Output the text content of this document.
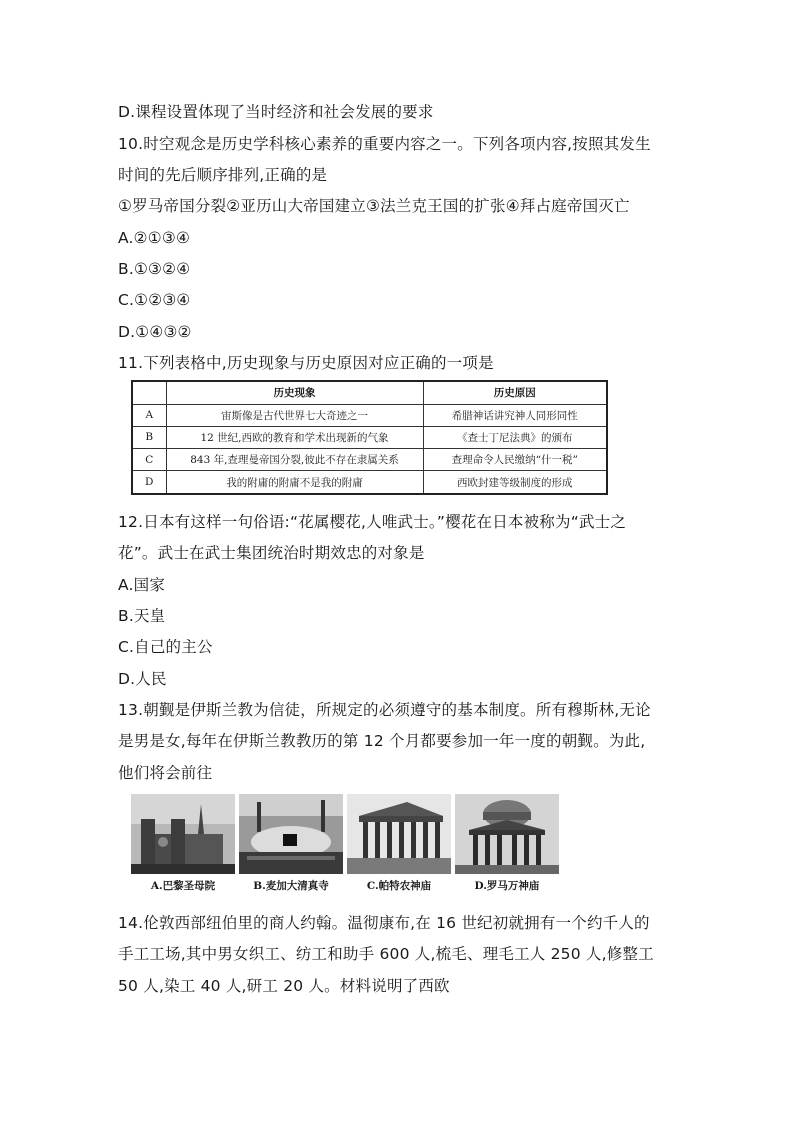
D.课程设置体现了当时经济和社会发展的要求
10.时空观念是历史学科核心素养的重要内容之一。下列各项内容,按照其发生
时间的先后顺序排列,正确的是
①罗马帝国分裂②亚历山大帝国建立③法兰克王国的扩张④拜占庭帝国灭亡
A.②①③④
B.①③②④
C.①②③④
D.①④③②
11.下列表格中,历史现象与历史原因对应正确的一项是
	历史现象	历史原因
A	宙斯像是古代世界七大奇迹之一	希腊神话讲究神人同形同性
B	12 世纪,西欧的教育和学术出现新的气象	《查士丁尼法典》的颁布
C	843 年,查理曼帝国分裂,彼此不存在隶属关系	查理命令人民缴纳“什一税”
D	我的附庸的附庸不是我的附庸	西欧封建等级制度的形成
12.日本有这样一句俗语:“花属樱花,人唯武士。”樱花在日本被称为“武士之
花”。武士在武士集团统治时期效忠的对象是
A.国家
B.天皇
C.自己的主公
D.人民
13.朝觐是伊斯兰教为信徒，所规定的必须遵守的基本制度。所有穆斯林,无论
是男是女,每年在伊斯兰教教历的第 12 个月都要参加一年一度的朝觐。为此,
他们将会前往
A.巴黎圣母院	B.麦加大清真寺	C.帕特农神庙	D.罗马万神庙
14.伦敦西部纽伯里的商人约翰。温彻康布,在 16 世纪初就拥有一个约千人的
手工工场,其中男女织工、纺工和助手 600 人,梳毛、理毛工人 250 人,修整工
50 人,染工 40 人,研工 20 人。材料说明了西欧
